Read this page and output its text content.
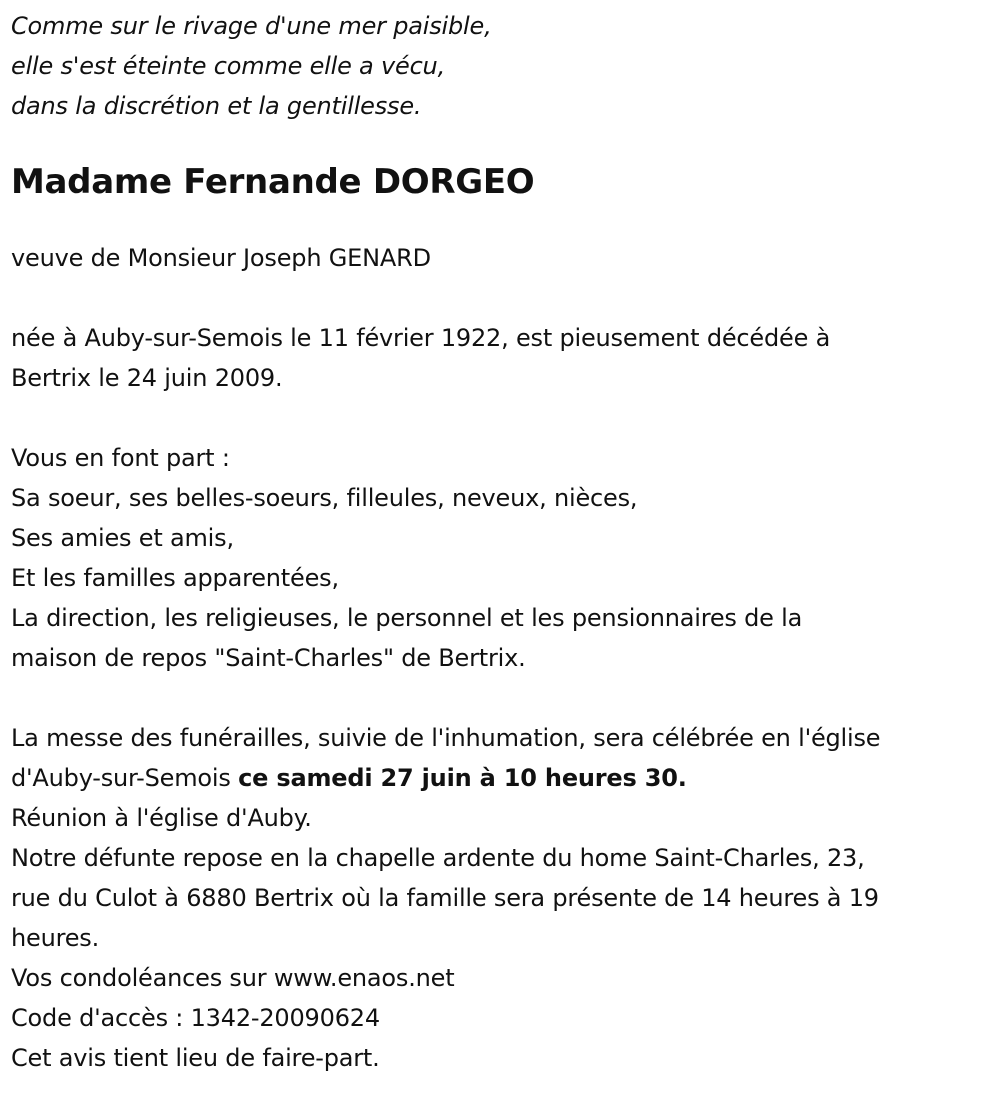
Comme sur le rivage d'une mer paisible,
elle s'est éteinte comme elle a vécu,
dans la discrétion et la gentillesse.
Madame Fernande DORGEO
veuve de Monsieur Joseph GENARD
née à Auby-sur-Semois le 11 février 1922, est pieusement décédée à
Bertrix le 24 juin 2009.
Vous en font part :
Sa soeur, ses belles-soeurs, filleules, neveux, nièces,
Ses amies et amis,
Et les familles apparentées,
La direction, les religieuses, le personnel et les pensionnaires de la
maison de repos "Saint-Charles" de Bertrix.
La messe des funérailles, suivie de l'inhumation, sera célébrée en l'église
d'Auby-sur-Semois ce samedi 27 juin à 10 heures 30.
Réunion à l'église d'Auby.
Notre défunte repose en la chapelle ardente du home Saint-Charles, 23,
rue du Culot à 6880 Bertrix où la famille sera présente de 14 heures à 19
heures.
Vos condoléances sur www.enaos.net
Code d'accès : 1342-20090624
Cet avis tient lieu de faire-part.
